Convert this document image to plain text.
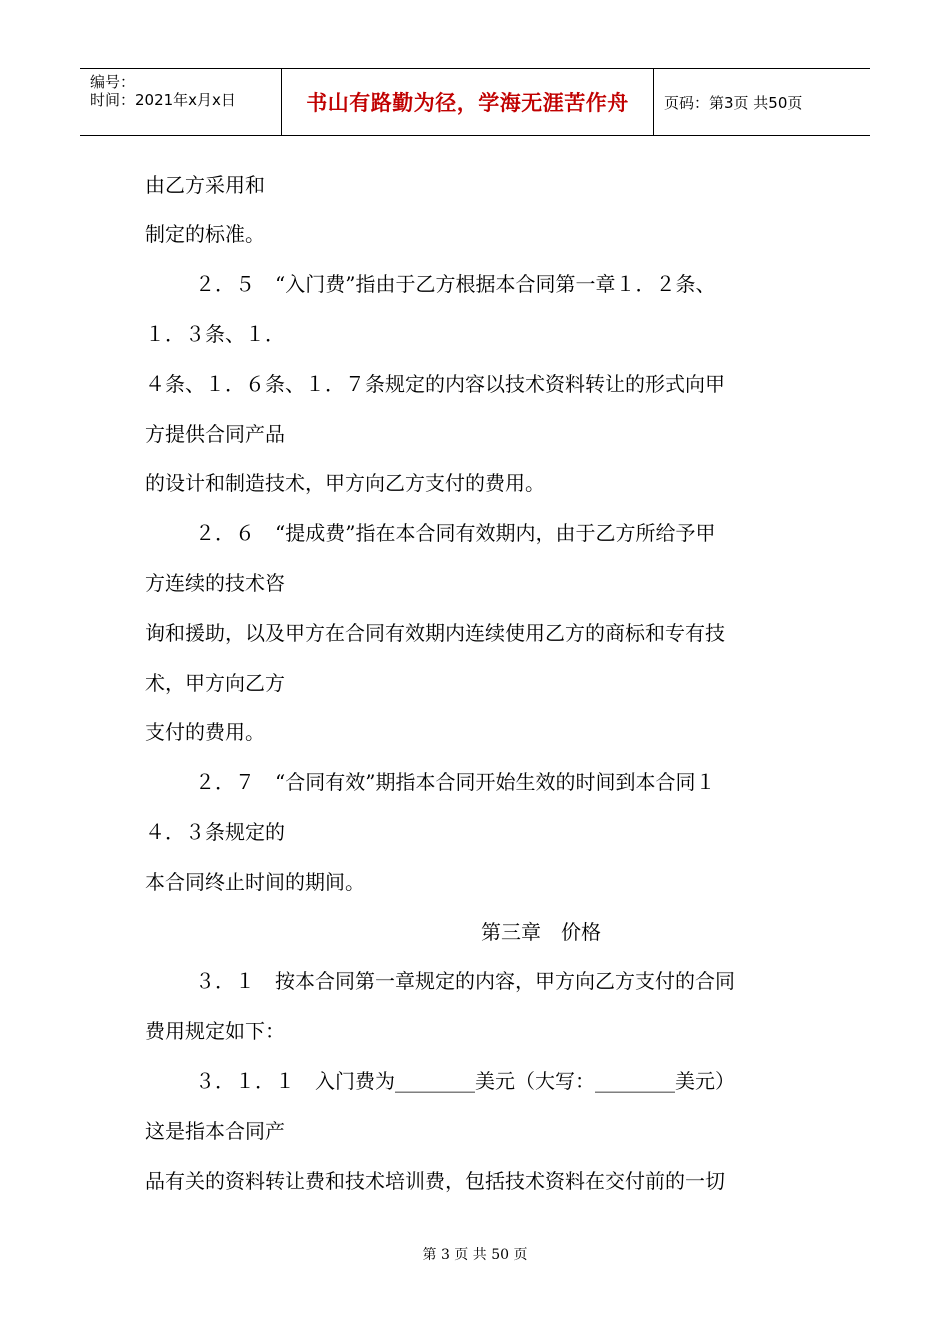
编号：
时间：2021年x月x日	书山有路勤为径，学海无涯苦作舟 页码：第3页 共50页
由乙方采用和
制定的标准。
２．５　“入门费”指由于乙方根据本合同第一章１．２条、
１．３条、１．
４条、１．６条、１．７条规定的内容以技术资料转让的形式向甲
方提供合同产品
的设计和制造技术，甲方向乙方支付的费用。
２．６　“提成费”指在本合同有效期内，由于乙方所给予甲
方连续的技术咨
询和援助，以及甲方在合同有效期内连续使用乙方的商标和专有技
术，甲方向乙方
支付的费用。
２．７　“合同有效”期指本合同开始生效的时间到本合同１
４．３条规定的
本合同终止时间的期间。
第三章　价格
３．１　按本合同第一章规定的内容，甲方向乙方支付的合同
费用规定如下：
３．１．１　入门费为________美元（大写：________美元）
这是指本合同产
品有关的资料转让费和技术培训费，包括技术资料在交付前的一切
第 3 页 共 50 页
